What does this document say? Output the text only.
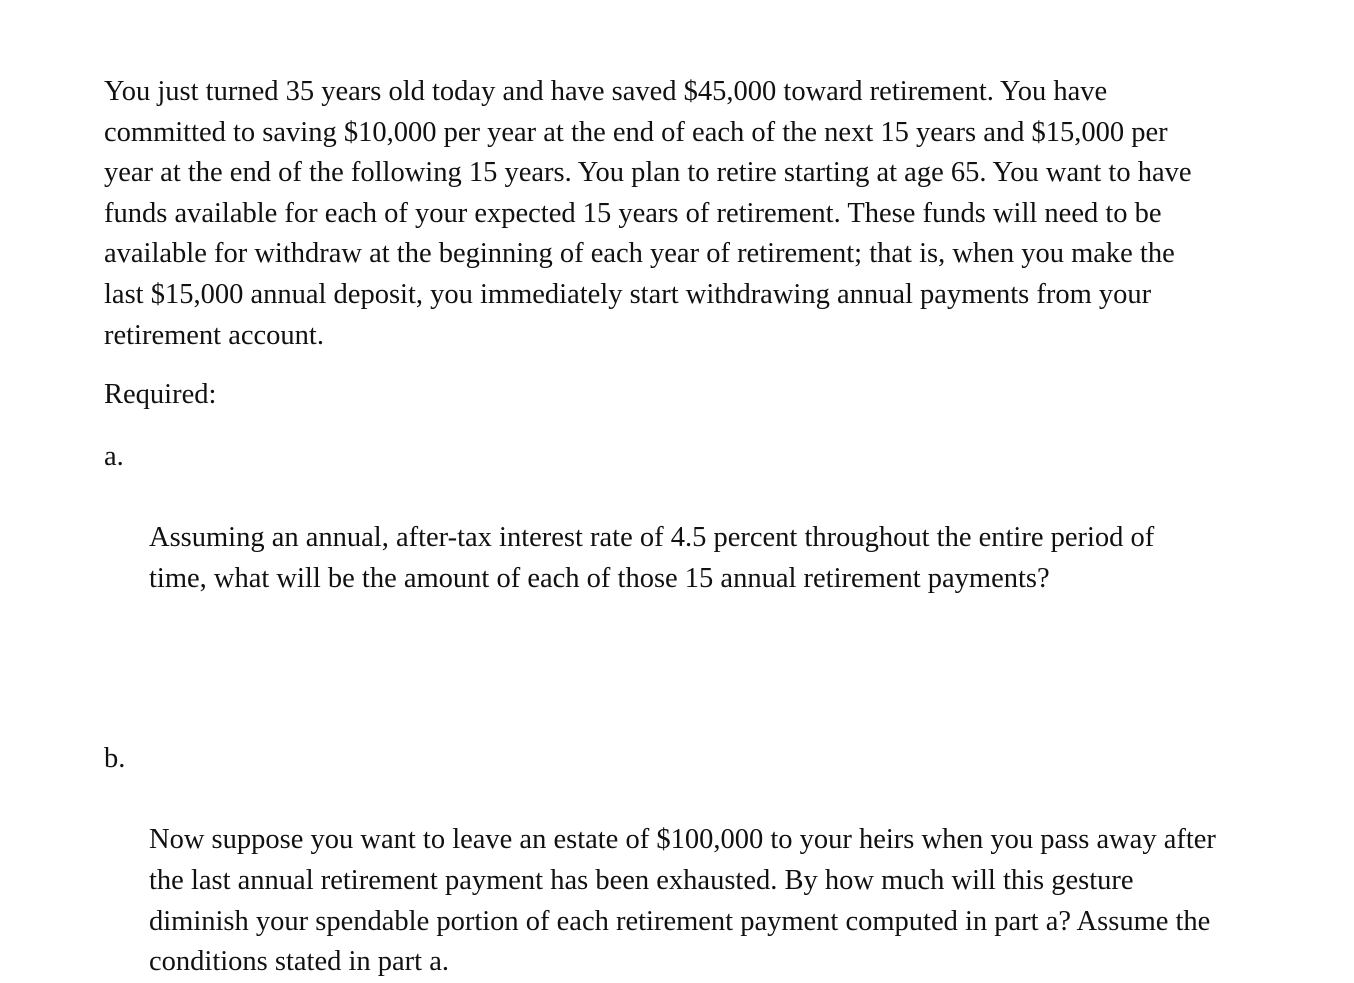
You just turned 35 years old today and have saved $45,000 toward retirement. You have
committed to saving $10,000 per year at the end of each of the next 15 years and $15,000 per
year at the end of the following 15 years. You plan to retire starting at age 65. You want to have
funds available for each of your expected 15 years of retirement. These funds will need to be
available for withdraw at the beginning of each year of retirement; that is, when you make the
last $15,000 annual deposit, you immediately start withdrawing annual payments from your
retirement account.

Required:

a.

Assuming an annual, after-tax interest rate of 4.5 percent throughout the entire period of
time, what will be the amount of each of those 15 annual retirement payments?

b.

Now suppose you want to leave an estate of $100,000 to your heirs when you pass away after
the last annual retirement payment has been exhausted. By how much will this gesture
diminish your spendable portion of each retirement payment computed in part a? Assume the
conditions stated in part a.
